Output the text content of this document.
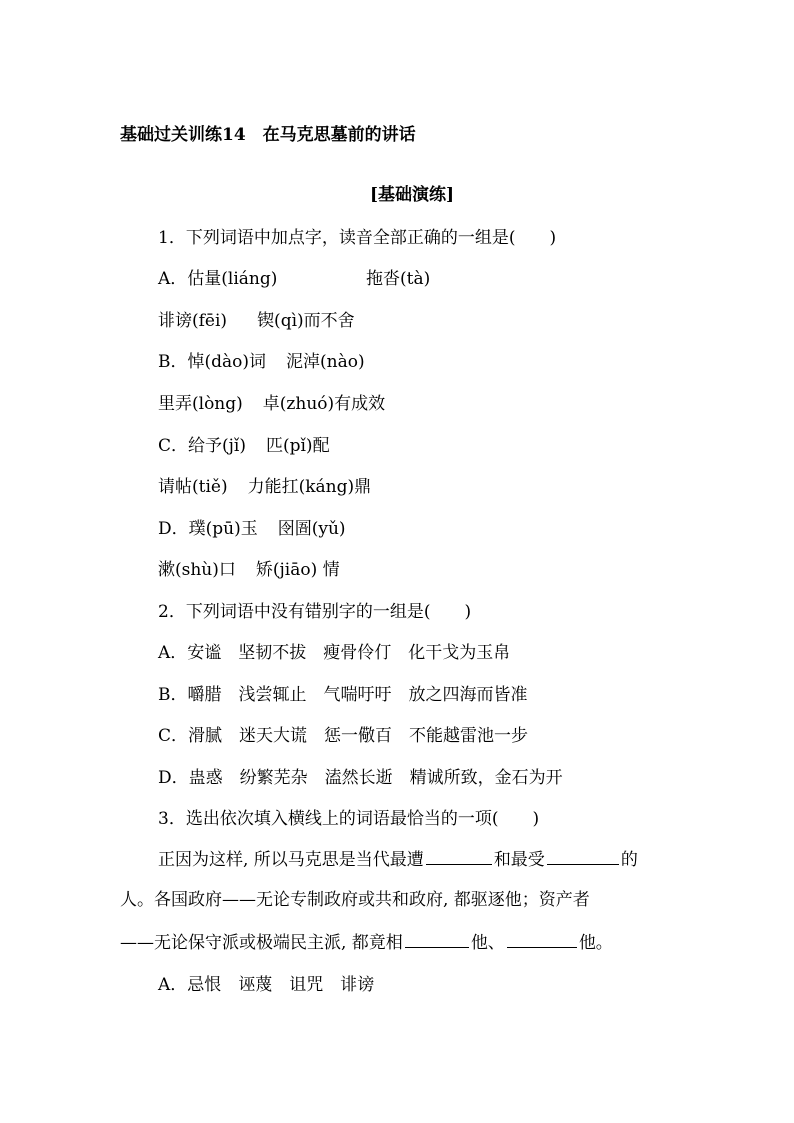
基础过关训练14　在马克思墓前的讲话
[基础演练]
1．下列词语中加点字，读音全部正确的一组是(　　)
A．估量(liáng)	拖沓(tà)
诽谤(fēi) 锲(qì)而不舍
B．悼(dào)词 泥淖(nào)
里弄(lòng) 卓(zhuó)有成效
C．给予(jǐ) 匹(pǐ)配
请帖(tiě) 力能扛(káng)鼎
D．璞(pū)玉 囹圄(yǔ)
漱(shù)口 矫(jiāo) 情
2．下列词语中没有错别字的一组是(　　)
A．安谧　坚韧不拔　瘦骨伶仃　化干戈为玉帛
B．嚼腊　浅尝辄止　气喘吁吁　放之四海而皆准
C．滑腻　迷天大谎　惩一儆百　不能越雷池一步
D．蛊惑　纷繁芜杂　溘然长逝　精诚所致，金石为开
3．选出依次填入横线上的词语最恰当的一项(　　)
正因为这样, 所以马克思是当代最遭	和最受	的
人。各国政府——无论专制政府或共和政府, 都驱逐他；资产者
——无论保守派或极端民主派, 都竟相	他、	他。
A．忌恨　诬蔑　诅咒　诽谤
